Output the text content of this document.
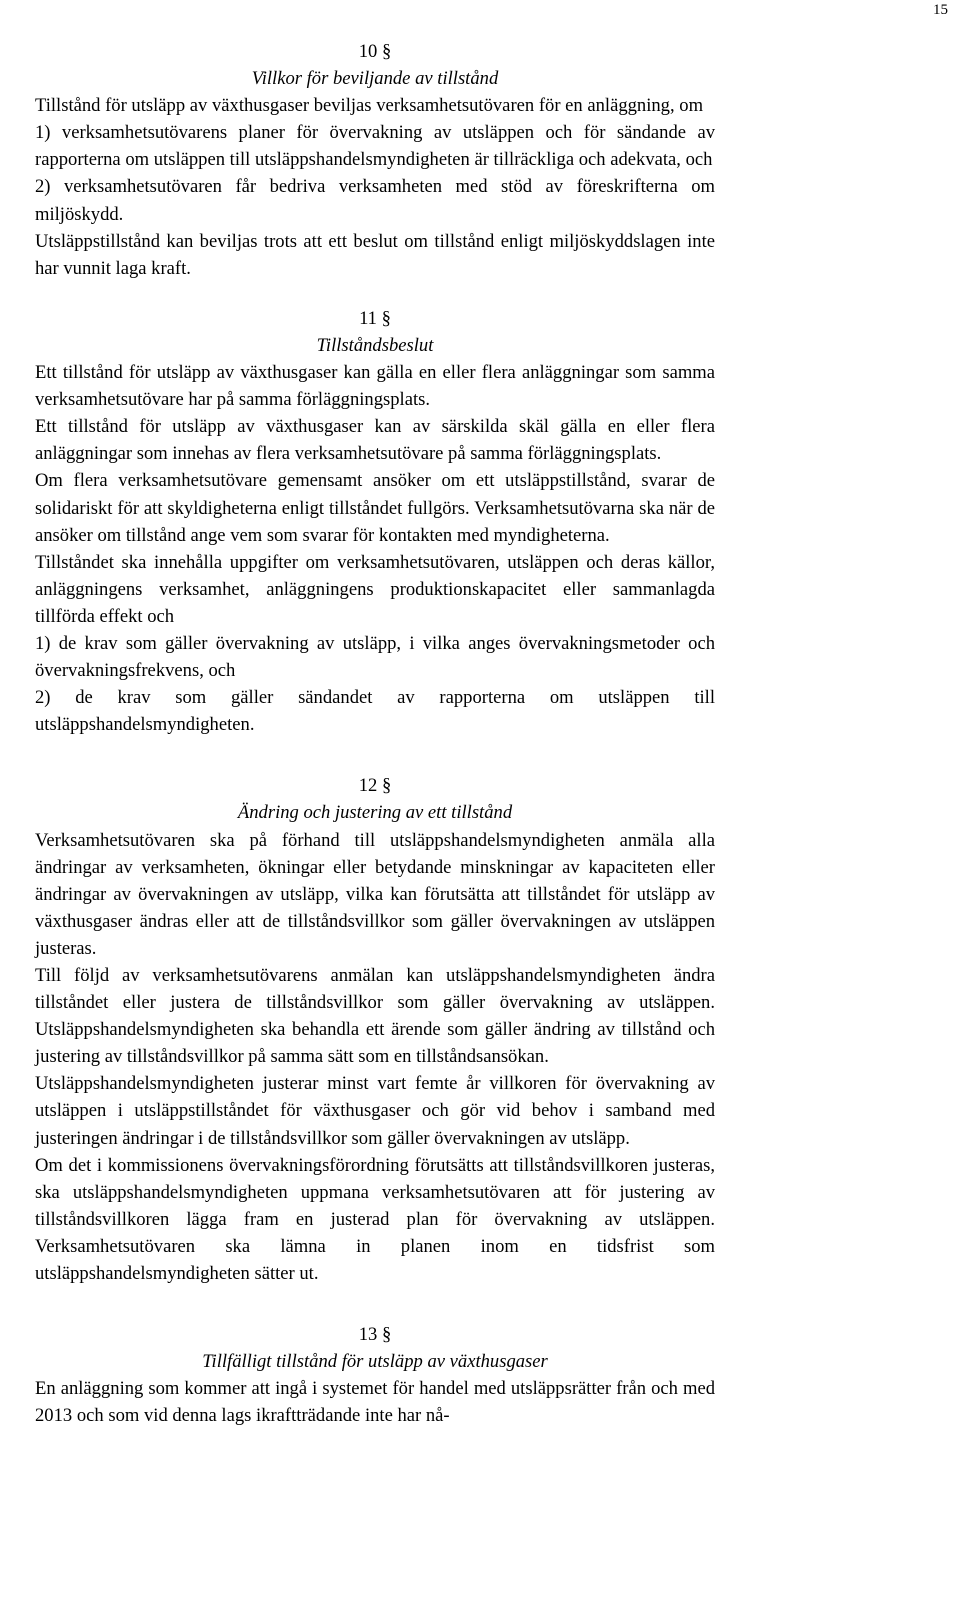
15

10 §

Villkor för beviljande av tillstånd

Tillstånd för utsläpp av växthusgaser beviljas verksamhetsutövaren för en anläggning, om

1) verksamhetsutövarens planer för övervakning av utsläppen och för sändande av rapporterna om utsläppen till utsläppshandelsmyndigheten är tillräckliga och adekvata, och

2) verksamhetsutövaren får bedriva verksamheten med stöd av föreskrifterna om miljöskydd.

Utsläppstillstånd kan beviljas trots att ett beslut om tillstånd enligt miljöskyddslagen inte har vunnit laga kraft.

11 §

Tillståndsbeslut

Ett tillstånd för utsläpp av växthusgaser kan gälla en eller flera anläggningar som samma verksamhetsutövare har på samma förläggningsplats.

Ett tillstånd för utsläpp av växthusgaser kan av särskilda skäl gälla en eller flera anläggningar som innehas av flera verksamhetsutövare på samma förläggningsplats.

Om flera verksamhetsutövare gemensamt ansöker om ett utsläppstillstånd, svarar de solidariskt för att skyldigheterna enligt tillståndet fullgörs. Verksamhetsutövarna ska när de ansöker om tillstånd ange vem som svarar för kontakten med myndigheterna.

Tillståndet ska innehålla uppgifter om verksamhetsutövaren, utsläppen och deras källor, anläggningens verksamhet, anläggningens produktionskapacitet eller sammanlagda tillförda effekt och

1) de krav som gäller övervakning av utsläpp, i vilka anges övervakningsmetoder och övervakningsfrekvens, och

2) de krav som gäller sändandet av rapporterna om utsläppen till utsläppshandelsmyndigheten.

12 §

Ändring och justering av ett tillstånd

Verksamhetsutövaren ska på förhand till utsläppshandelsmyndigheten anmäla alla ändringar av verksamheten, ökningar eller betydande minskningar av kapaciteten eller ändringar av övervakningen av utsläpp, vilka kan förutsätta att tillståndet för utsläpp av växthusgaser ändras eller att de tillståndsvillkor som gäller övervakningen av utsläppen justeras.

Till följd av verksamhetsutövarens anmälan kan utsläppshandelsmyndigheten ändra tillståndet eller justera de tillståndsvillkor som gäller övervakning av utsläppen. Utsläppshandelsmyndigheten ska behandla ett ärende som gäller ändring av tillstånd och justering av tillståndsvillkor på samma sätt som en tillståndsansökan.

Utsläppshandelsmyndigheten justerar minst vart femte år villkoren för övervakning av utsläppen i utsläppstillståndet för växthusgaser och gör vid behov i samband med justeringen ändringar i de tillståndsvillkor som gäller övervakningen av utsläpp.

Om det i kommissionens övervakningsförordning förutsätts att tillståndsvillkoren justeras, ska utsläppshandelsmyndigheten uppmana verksamhetsutövaren att för justering av tillståndsvillkoren lägga fram en justerad plan för övervakning av utsläppen. Verksamhetsutövaren ska lämna in planen inom en tidsfrist som utsläppshandelsmyndigheten sätter ut.

13 §

Tillfälligt tillstånd för utsläpp av växthusgaser

En anläggning som kommer att ingå i systemet för handel med utsläppsrätter från och med 2013 och som vid denna lags ikraftträdande inte har nå-
